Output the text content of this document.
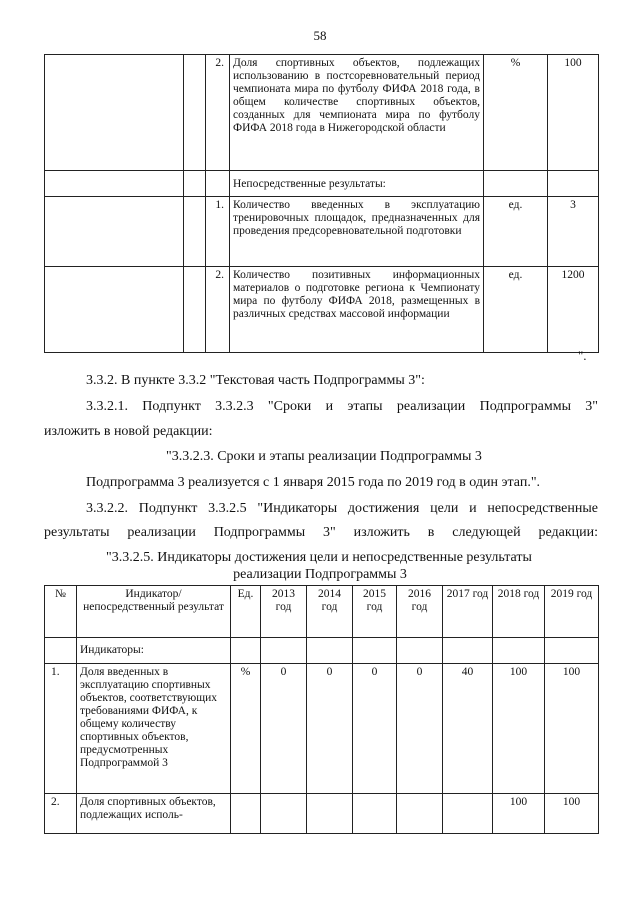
58
		2.	Доля спортивных объектов, подлежащих использованию в постсоревновательный период чемпионата мира по футболу ФИФА 2018 года, в общем количестве спортивных объектов, созданных для чемпионата мира по футболу ФИФА 2018 года в Нижегородской области	%	100
			Непосредственные результаты:		
		1.	Количество введенных в эксплуатацию тренировочных площадок, предназначенных для проведения предсоревновательной подготовки	ед.	3
		2.	Количество позитивных информационных материалов о подготовке региона к Чемпионату мира по футболу ФИФА 2018, размещенных в различных средствах массовой информации	ед.	1200
".
3.3.2. В пункте 3.3.2 "Текстовая часть Подпрограммы 3":
3.3.2.1. Подпункт 3.3.2.3 "Сроки и этапы реализации Подпрограммы 3"
изложить в новой редакции:
"3.3.2.3. Сроки и этапы реализации Подпрограммы 3
Подпрограмма 3 реализуется с 1 января 2015 года по 2019 год в один этап.".
3.3.2.2. Подпункт 3.3.2.5 "Индикаторы достижения цели и непосредственные
результаты реализации Подпрограммы 3" изложить в следующей редакции:
"3.3.2.5. Индикаторы достижения цели и непосредственные результаты
реализации Подпрограммы 3
№	Индикатор/ непосредственный результат	Ед.	2013 год	2014 год	2015 год	2016 год	2017 год	2018 год	2019 год
	Индикаторы:								
1.	Доля введенных в эксплуатацию спортивных объектов, соответствующих требованиями ФИФА, к общему количеству спортивных объектов, предусмотренных Подпрограммой 3	%	0	0	0	0	40	100	100
2.	Доля спортивных объектов, подлежащих исполь-							100	100
